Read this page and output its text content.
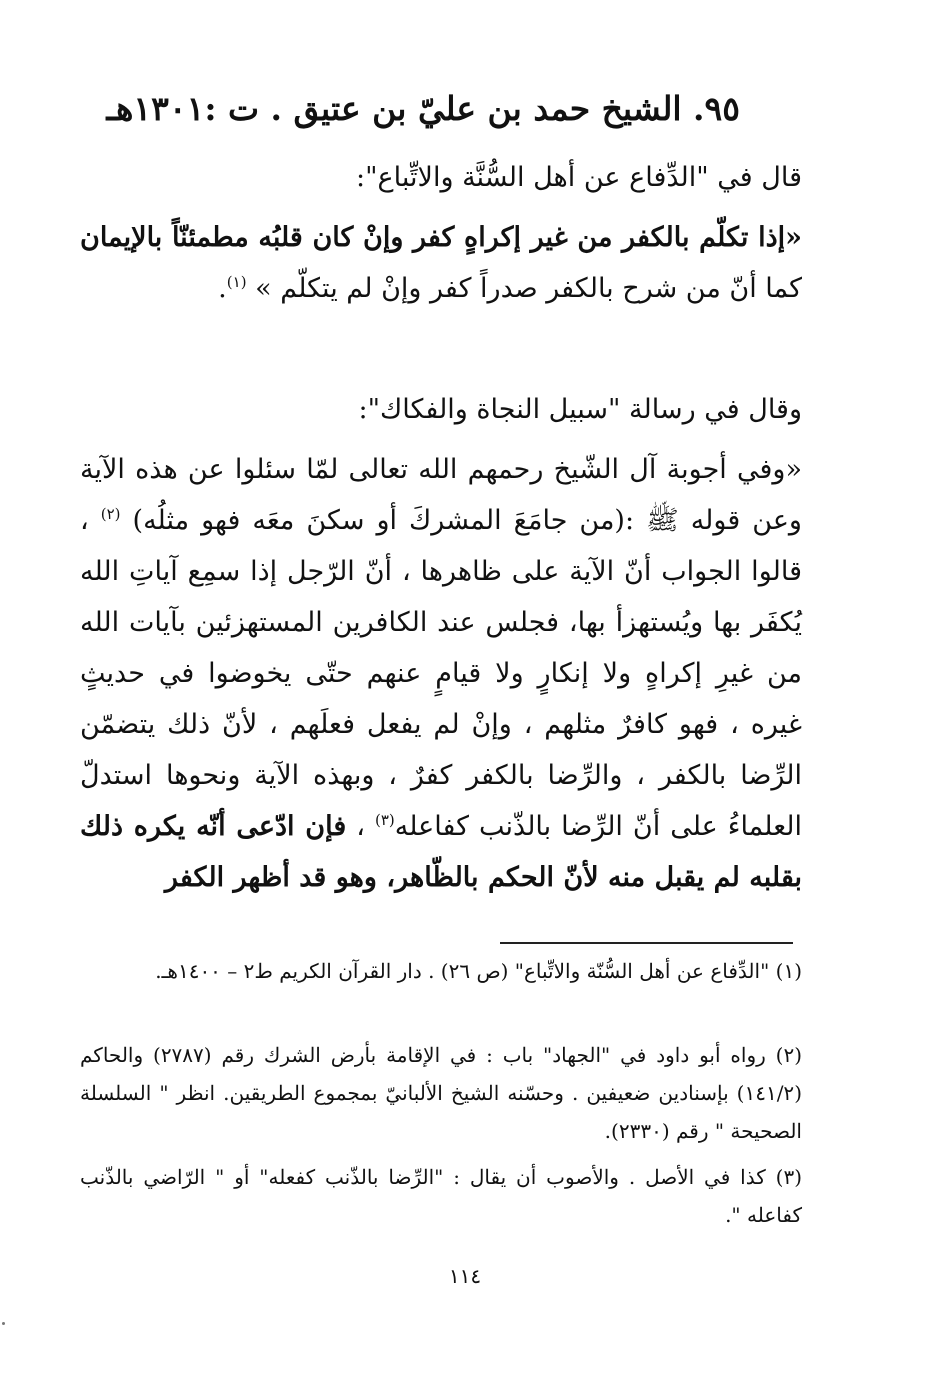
٩٥. الشيخ حمد بن عليّ بن عتيق . ت :١٣٠١هـ
قال في "الدِّفاع عن أهل السُّنَّة والاتِّباع":
«إذا تكلّم بالكفر من غير إكراهٍ كفر وإنْ كان قلبُه مطمئنّاً بالإيمان كما أنّ من شرح بالكفر صدراً كفر وإنْ لم يتكلّم » $^{(١)}$.
وقال في رسالة "سبيل النجاة والفكاك":
«وفي أجوبة آل الشّيخ رحمهم الله تعالى لمّا سئلوا عن هذه الآية وعن قوله ﷺ :(من جامَعَ المشركَ أو سكنَ معَه فهو مثلُه) $^{(٢)}$ ، قالوا الجواب أنّ الآية على ظاهرها ، أنّ الرّجل إذا سمِع آياتِ الله يُكفَر بها ويُستهزأ بها، فجلس عند الكافرين المستهزئين بآيات الله من غيرِ إكراهٍ ولا إنكارٍ ولا قيامٍ عنهم حتّى يخوضوا في حديثٍ غيره ، فهو كافرٌ مثلهم ، وإنْ لم يفعل فعلَهم ، لأنّ ذلك يتضمّن الرِّضا بالكفر ، والرِّضا بالكفر كفرٌ ، وبهذه الآية ونحوها استدلّ العلماءُ على أنّ الرِّضا بالذّنب كفاعله$^{(٣)}$ ، فإن ادّعى أنّه يكره ذلك بقلبه لم يقبل منه لأنّ الحكم بالظّاهر، وهو قد أظهر الكفر
(١) "الدِّفاع عن أهل السُّنّة والاتِّباع" (ص ٢٦) . دار القرآن الكريم ط٢ – ١٤٠٠هـ.
(٢) رواه أبو داود في "الجهاد" باب : في الإقامة بأرض الشرك رقم (٢٧٨٧) والحاكم (١٤١/٢) بإسنادين ضعيفين . وحسّنه الشيخ الألبانيّ بمجموع الطريقين. انظر " السلسلة الصحيحة " رقم (٢٣٣٠).
(٣) كذا في الأصل . والأصوب أن يقال : "الرِّضا بالذّنب كفعله" أو " الرّاضي بالذّنب كفاعله ".
١١٤
